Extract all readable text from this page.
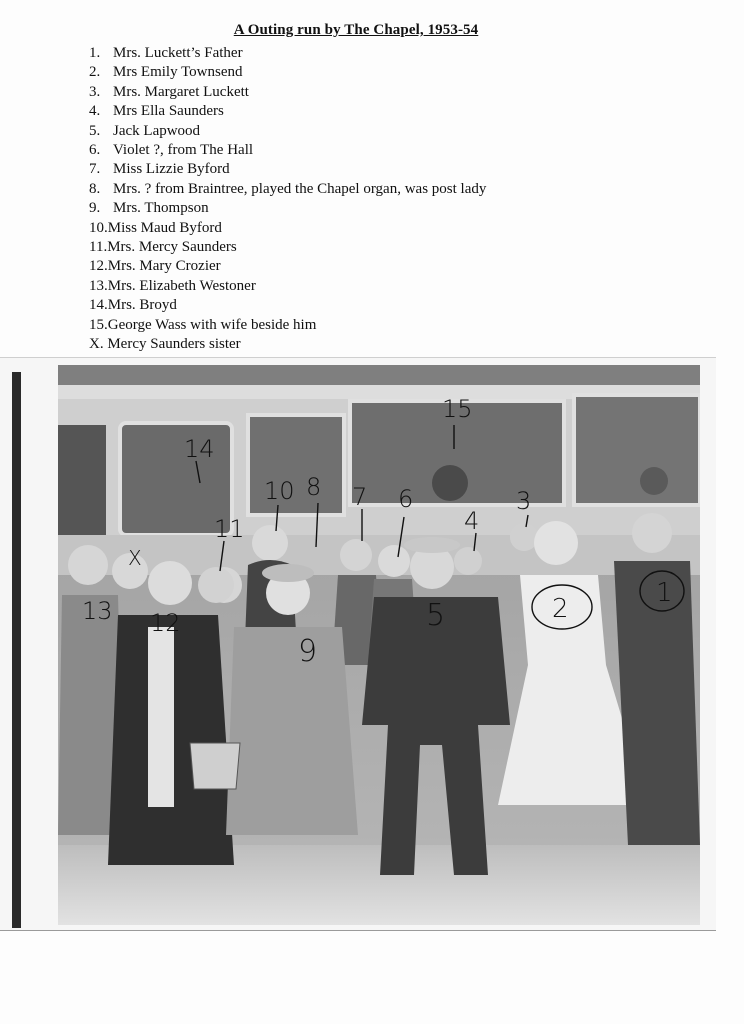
A Outing run by The Chapel, 1953-54
1. Mrs. Luckett’s Father
2. Mrs Emily Townsend
3. Mrs. Margaret Luckett
4. Mrs Ella Saunders
5. Jack Lapwood
6. Violet ?, from The Hall
7. Miss Lizzie Byford
8. Mrs. ? from Braintree, played the Chapel organ, was post lady
9. Mrs. Thompson
10.Miss Maud Byford
11.Mrs. Mercy Saunders
12.Mrs. Mary Crozier
13.Mrs. Elizabeth Westoner
14.Mrs. Broyd
15.George Wass with wife beside him
X. Mercy Saunders sister
14
15
10 8 7 6	3
4
11
X
13 12
9
5	2
1
